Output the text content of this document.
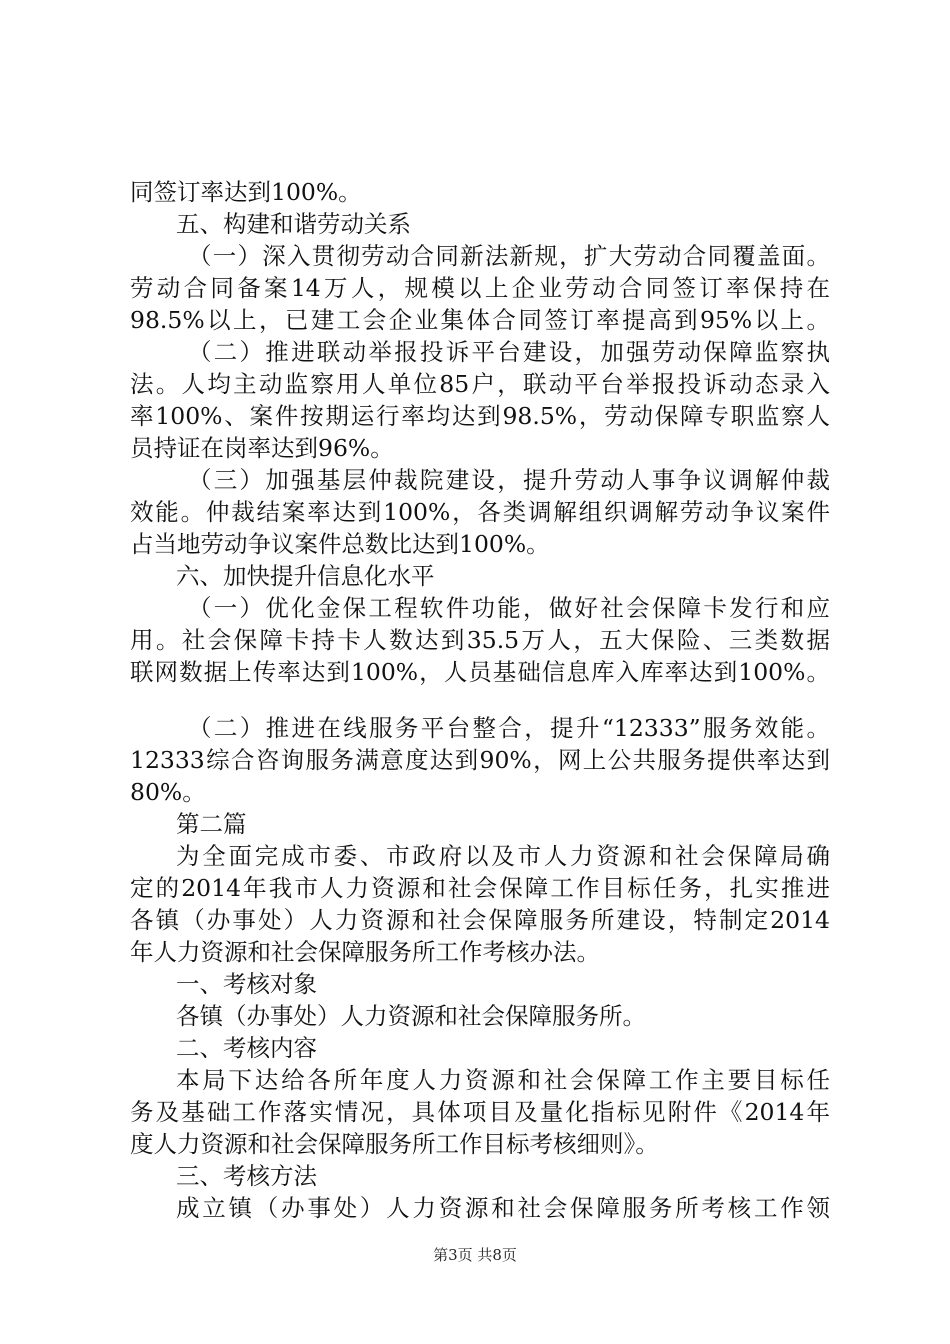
同签订率达到100%。
五、构建和谐劳动关系
（一）深入贯彻劳动合同新法新规，扩大劳动合同覆盖面。
劳动合同备案14万人，规模以上企业劳动合同签订率保持在
98.5%以上，已建工会企业集体合同签订率提高到95%以上。
（二）推进联动举报投诉平台建设，加强劳动保障监察执
法。人均主动监察用人单位85户，联动平台举报投诉动态录入
率100%、案件按期运行率均达到98.5%，劳动保障专职监察人
员持证在岗率达到96%。
（三）加强基层仲裁院建设，提升劳动人事争议调解仲裁
效能。仲裁结案率达到100%，各类调解组织调解劳动争议案件
占当地劳动争议案件总数比达到100%。
六、加快提升信息化水平
（一）优化金保工程软件功能，做好社会保障卡发行和应
用。社会保障卡持卡人数达到35.5万人，五大保险、三类数据
联网数据上传率达到100%，人员基础信息库入库率达到100%。
（二）推进在线服务平台整合，提升“12333”服务效能。
12333综合咨询服务满意度达到90%，网上公共服务提供率达到
80%。
第二篇
为全面完成市委、市政府以及市人力资源和社会保障局确
定的2014年我市人力资源和社会保障工作目标任务，扎实推进
各镇（办事处）人力资源和社会保障服务所建设，特制定2014
年人力资源和社会保障服务所工作考核办法。
一、考核对象
各镇（办事处）人力资源和社会保障服务所。
二、考核内容
本局下达给各所年度人力资源和社会保障工作主要目标任
务及基础工作落实情况，具体项目及量化指标见附件《2014年
度人力资源和社会保障服务所工作目标考核细则》。
三、考核方法
成立镇（办事处）人力资源和社会保障服务所考核工作领
第3页 共8页
